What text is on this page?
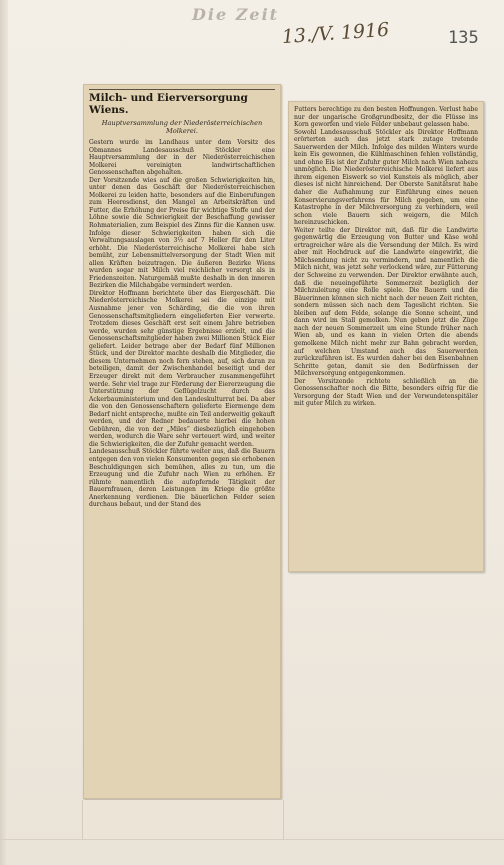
Die Zeit
13./V. 1916	135
Milch- und Eierversorgung Wiens.
Hauptversammlung der Niederösterreichischen Molkerei.
Gestern wurde im Landhaus unter dem Vorsitz des Obmannes Landesausschuß Stöckler eine Hauptversammlung der in der Niederösterreichischen Molkerei vereinigten landwirtschaftlichen Genossenschaften abgehalten.
Der Vorsitzende wies auf die großen Schwierigkeiten hin, unter denen das Geschäft der Niederösterreichischen Molkerei zu leiden hatte, besonders auf die Einberufungen zum Heeresdienst, den Mangel an Arbeitskräften und Futter, die Erhöhung der Preise für wichtige Stoffe und der Löhne sowie die Schwierigkeit der Beschaffung gewisser Rohmaterialien, zum Beispiel des Zinns für die Kannen usw. Infolge dieser Schwierigkeiten haben sich die Verwaltungsauslagen von 3½ auf 7 Heller für den Liter erhöht. Die Niederösterreichische Molkerei habe sich bemüht, zur Lebensmittelversorgung der Stadt Wien mit allen Kräften beizutragen. Die äußeren Bezirke Wiens wurden sogar mit Milch viel reichlicher versorgt als in Friedenszeiten. Naturgemäß mußte deshalb in den inneren Bezirken die Milchabgabe vermindert werden.
Direktor Hoffmann berichtete über das Eiergeschäft. Die Niederösterreichische Molkerei sei die einzige mit Ausnahme jener von Schärding, die die von ihren Genossenschaftsmitgliedern eingelieferten Eier verwerte. Trotzdem dieses Geschäft erst seit einem Jahre betrieben werde, wurden sehr günstige Ergebnisse erzielt, und die Genossenschaftsmitglieder haben zwei Millionen Stück Eier geliefert. Leider betrage aber der Bedarf fünf Millionen Stück, und der Direktor machte deshalb die Mitglieder, die diesem Unternehmen noch fern stehen, auf, sich daran zu beteiligen, damit der Zwischenhandel beseitigt und der Erzeuger direkt mit dem Verbraucher zusammengeführt werde. Sehr viel trage zur Förderung der Eiererzeugung die Unterstützung der Geflügelzucht durch das Ackerbauministerium und den Landeskulturrat bei. Da aber die von den Genossenschaftern gelieferte Eiermenge dem Bedarf nicht entspreche, mußte ein Teil anderweitig gekauft werden, und der Redner bedauerte hierbei die hohen Gebühren, die von der „Miles“ diesbezüglich eingehoben werden, wodurch die Ware sehr verteuert wird, und weiter die Schwierigkeiten, die der Zufuhr gemacht werden.
Landesausschuß Stöckler führte weiter aus, daß die Bauern entgegen den von vielen Konsumenten gegen sie erhobenen Beschuldigungen sich bemühen, alles zu tun, um die Erzeugung und die Zufuhr nach Wien zu erhöhen. Er rühmte namentlich die aufopfernde Tätigkeit der Bauernfrauen, deren Leistungen im Kriege die größte Anerkennung verdienen. Die bäuerlichen Felder seien durchaus bebaut, und der Stand des
Futters berechtige zu den besten Hoffnungen. Verlust habe nur der ungarische Großgrundbesitz, der die Flüsse ins Korn geworfen und viele Felder unbebaut gelassen habe.
Sowohl Landesausschuß Stöckler als Direktor Hoffmann erörterten auch das jetzt stark zutage tretende Sauerwerden der Milch. Infolge des milden Winters wurde kein Eis gewonnen, die Kühlmaschinen fehlen vollständig, und ohne Eis ist der Zufuhr guter Milch nach Wien nahezu unmöglich. Die Niederösterreichische Molkerei liefert aus ihrem eigenen Eiswerk so viel Kunsteis als möglich, aber dieses ist nicht hinreichend. Der Oberste Sanitätsrat habe daher die Aufhahmung zur Einführung eines neuen Konservierungsverfahrens für Milch gegeben, um eine Katastrophe in der Milchversorgung zu verhindern, weil schon viele Bauern sich weigern, die Milch hereinzuschicken.
Weiter teilte der Direktor mit, daß für die Landwirte gegenwärtig die Erzeugung von Butter und Käse wohl ertragreicher wäre als die Versendung der Milch. Es wird aber mit Hochdruck auf die Landwirte eingewirkt, die Milchsendung nicht zu vermindern, und namentlich die Milch nicht, was jetzt sehr verlockend wäre, zur Fütterung der Schweine zu verwenden. Der Direktor erwähnte auch, daß die neueingeführte Sommerzeit bezüglich der Milchzuleitung eine Rolle spiele. Die Bauern und die Bäuerinnen können sich nicht nach der neuen Zeit richten, sondern müssen sich nach dem Tageslicht richten. Sie bleiben auf dem Felde, solange die Sonne scheint, und dann wird im Stall gemolken. Nun geben jetzt die Züge nach der neuen Sommerzeit um eine Stunde früher nach Wien ab, und es kann in vielen Orten die abends gemolkene Milch nicht mehr zur Bahn gebracht werden, auf welchen Umstand auch das Sauerwerden zurückzuführen ist. Es wurden daher bei den Eisenbahnen Schritte getan, damit sie den Bedürfnissen der Milchversorgung entgegenkommen.
Der Vorsitzende richtete schließlich an die Genossenschafter noch die Bitte, besonders eifrig für die Versorgung der Stadt Wien und der Verwundetenspitäler mit guter Milch zu wirken.
